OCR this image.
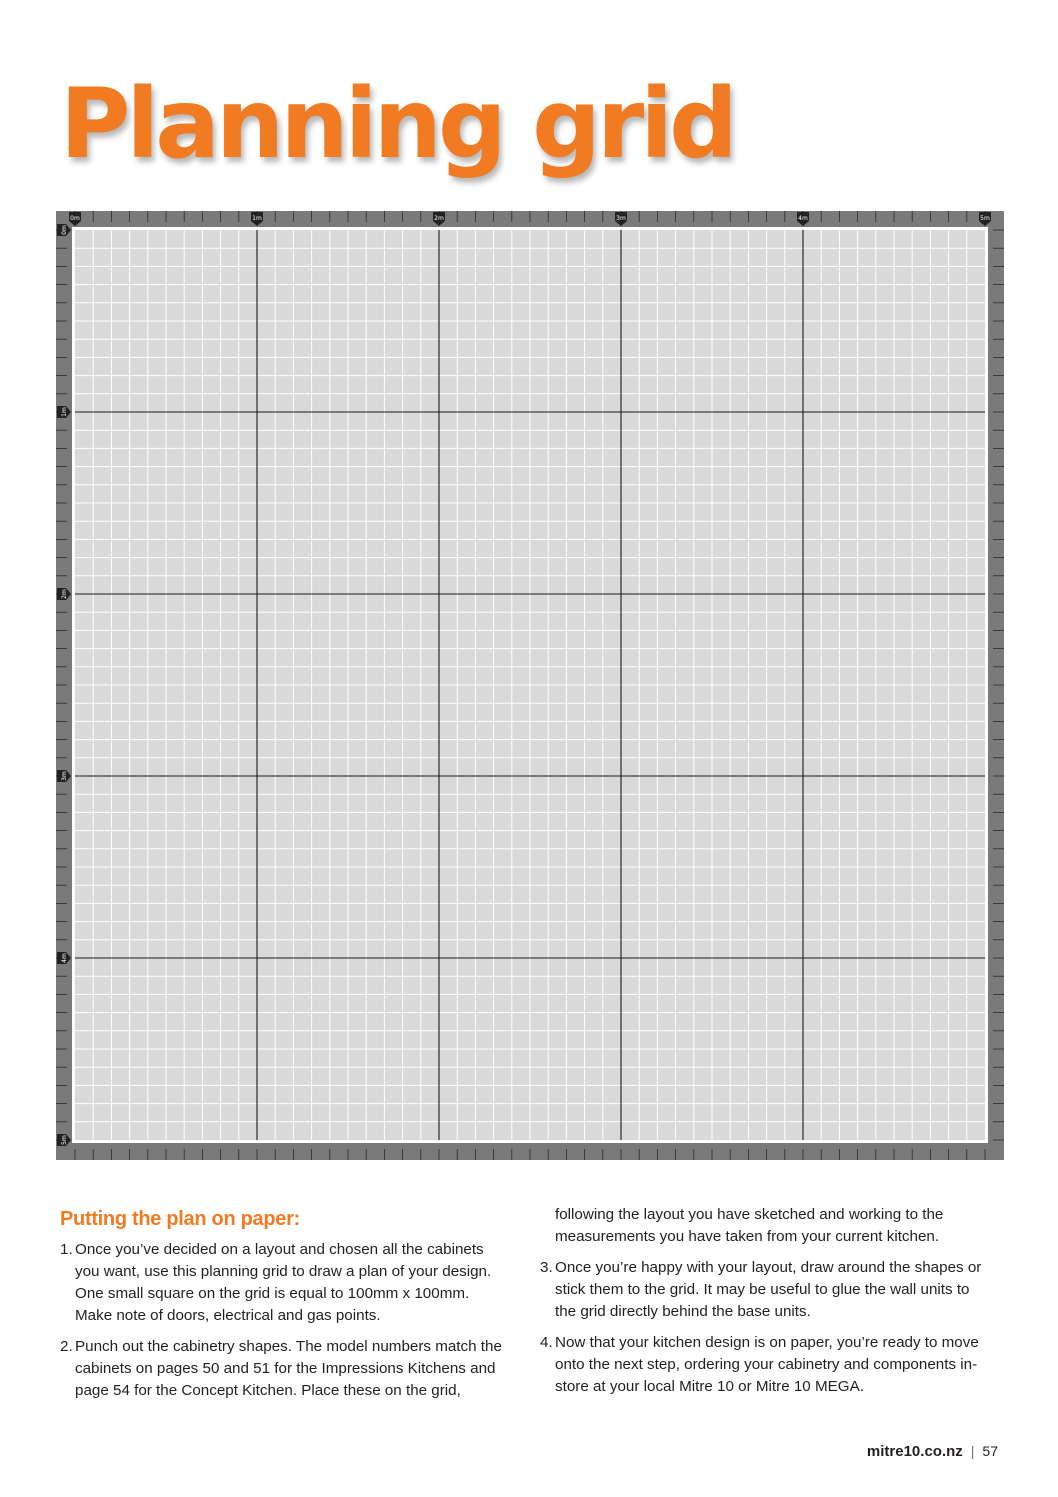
Planning grid
0m	1m	2m	3m	4m	5m
0m
1m
2m
3m
4m
5m
Putting the plan on paper:

1. Once you’ve decided on a layout and chosen all the cabinets you want, use this planning grid to draw a plan of your design. One small square on the grid is equal to 100mm x 100mm. Make note of doors, electrical and gas points.

2. Punch out the cabinetry shapes. The model numbers match the cabinets on pages 50 and 51 for the Impressions Kitchens and page 54 for the Concept Kitchen. Place these on the grid,

following the layout you have sketched and working to the measurements you have taken from your current kitchen.

3. Once you’re happy with your layout, draw around the shapes or stick them to the grid. It may be useful to glue the wall units to the grid directly behind the base units.

4. Now that your kitchen design is on paper, you’re ready to move onto the next step, ordering your cabinetry and components in-store at your local Mitre 10 or Mitre 10 MEGA.

mitre10.co.nz | 57
